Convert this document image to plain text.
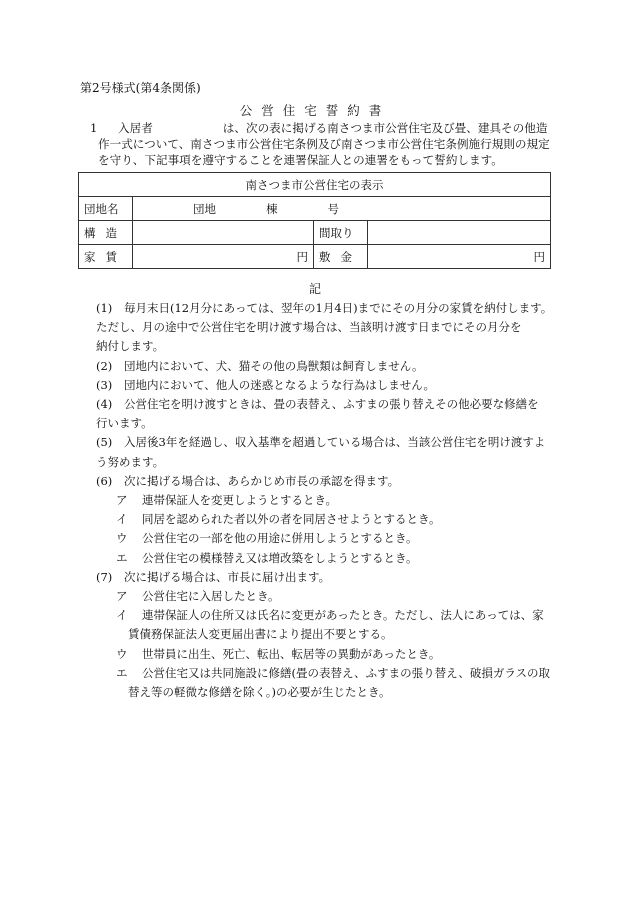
第2号様式(第4条関係)
公営住宅誓約書
1 入居者	は、次の表に掲げる南さつま市公営住宅及び畳、建具その他造
作一式について、南さつま市公営住宅条例及び南さつま市公営住宅条例施行規則の規定
を守り、下記事項を遵守することを連署保証人との連署をもって誓約します。
南さつま市公営住宅の表示			
団地名	団地 棟 号		
構造		間取り	
家賃	円	敷金	円
記
(1) 毎月末日(12月分にあっては、翌年の1月4日)までにその月分の家賃を納付します。
ただし、月の途中で公営住宅を明け渡す場合は、当該明け渡す日までにその月分を
納付します。
(2) 団地内において、犬、猫その他の鳥獣類は飼育しません。
(3) 団地内において、他人の迷惑となるような行為はしません。
(4) 公営住宅を明け渡すときは、畳の表替え、ふすまの張り替えその他必要な修繕を
行います。
(5) 入居後3年を経過し、収入基準を超過している場合は、当該公営住宅を明け渡すよ
う努めます。
(6) 次に掲げる場合は、あらかじめ市長の承認を得ます。
ア 連帯保証人を変更しようとするとき。
イ 同居を認められた者以外の者を同居させようとするとき。
ウ 公営住宅の一部を他の用途に併用しようとするとき。
エ 公営住宅の模様替え又は増改築をしようとするとき。
(7) 次に掲げる場合は、市長に届け出ます。
ア 公営住宅に入居したとき。
イ 連帯保証人の住所又は氏名に変更があったとき。ただし、法人にあっては、家
賃債務保証法人変更届出書により提出不要とする。
ウ 世帯員に出生、死亡、転出、転居等の異動があったとき。
エ 公営住宅又は共同施設に修繕(畳の表替え、ふすまの張り替え、破損ガラスの取
替え等の軽微な修繕を除く。)の必要が生じたとき。
